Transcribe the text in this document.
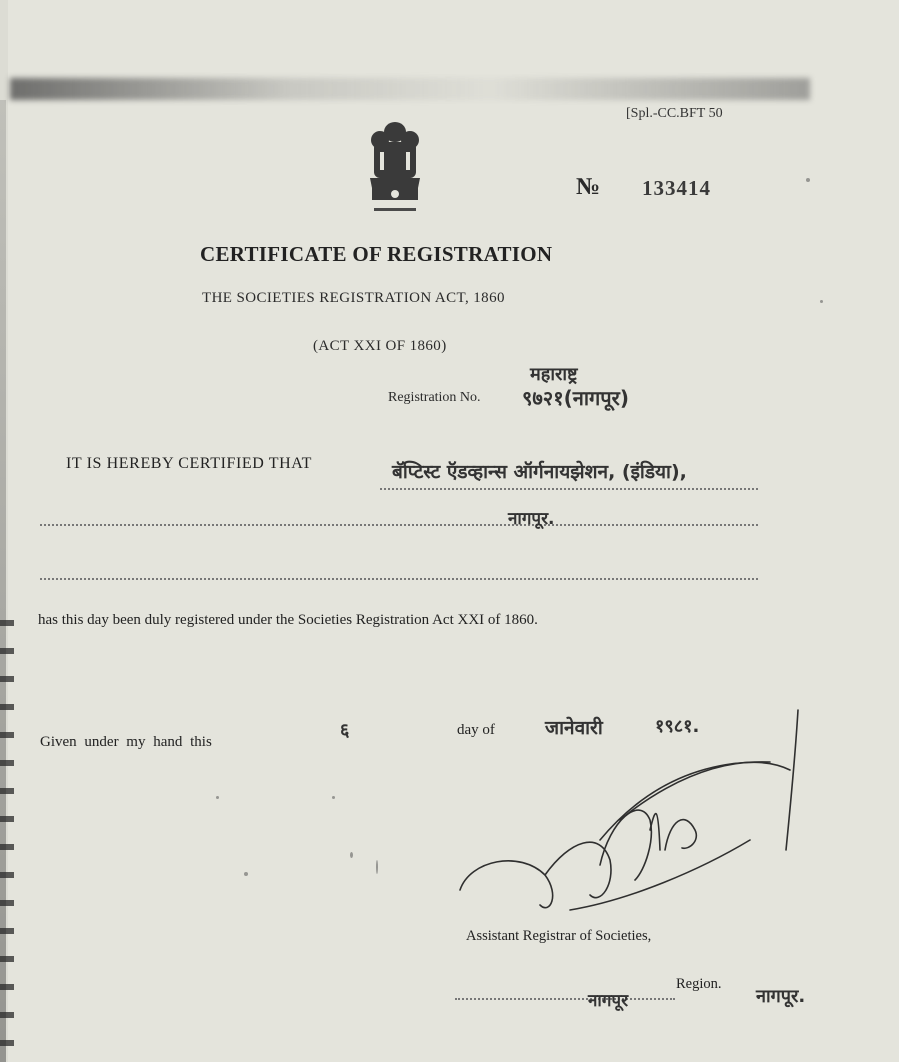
[Spl.-CC.BFT 50
№ 133414
CERTIFICATE OF REGISTRATION
THE SOCIETIES REGISTRATION ACT, 1860
(ACT XXI OF 1860)
Registration No.
महाराष्ट्र
९७२१(नागपूर)
IT IS HEREBY CERTIFIED THAT	बॅप्टिस्ट ऍडव्हान्स ऑर्गनायझेशन, (इंडिया),
नागपूर.
has this day been duly registered under the Societies Registration Act XXI of 1860.
Given under my hand this
६	day of	जानेवारी	१९८१.
Assistant Registrar of Societies,
Region.
नागपूर	नागपूर.
